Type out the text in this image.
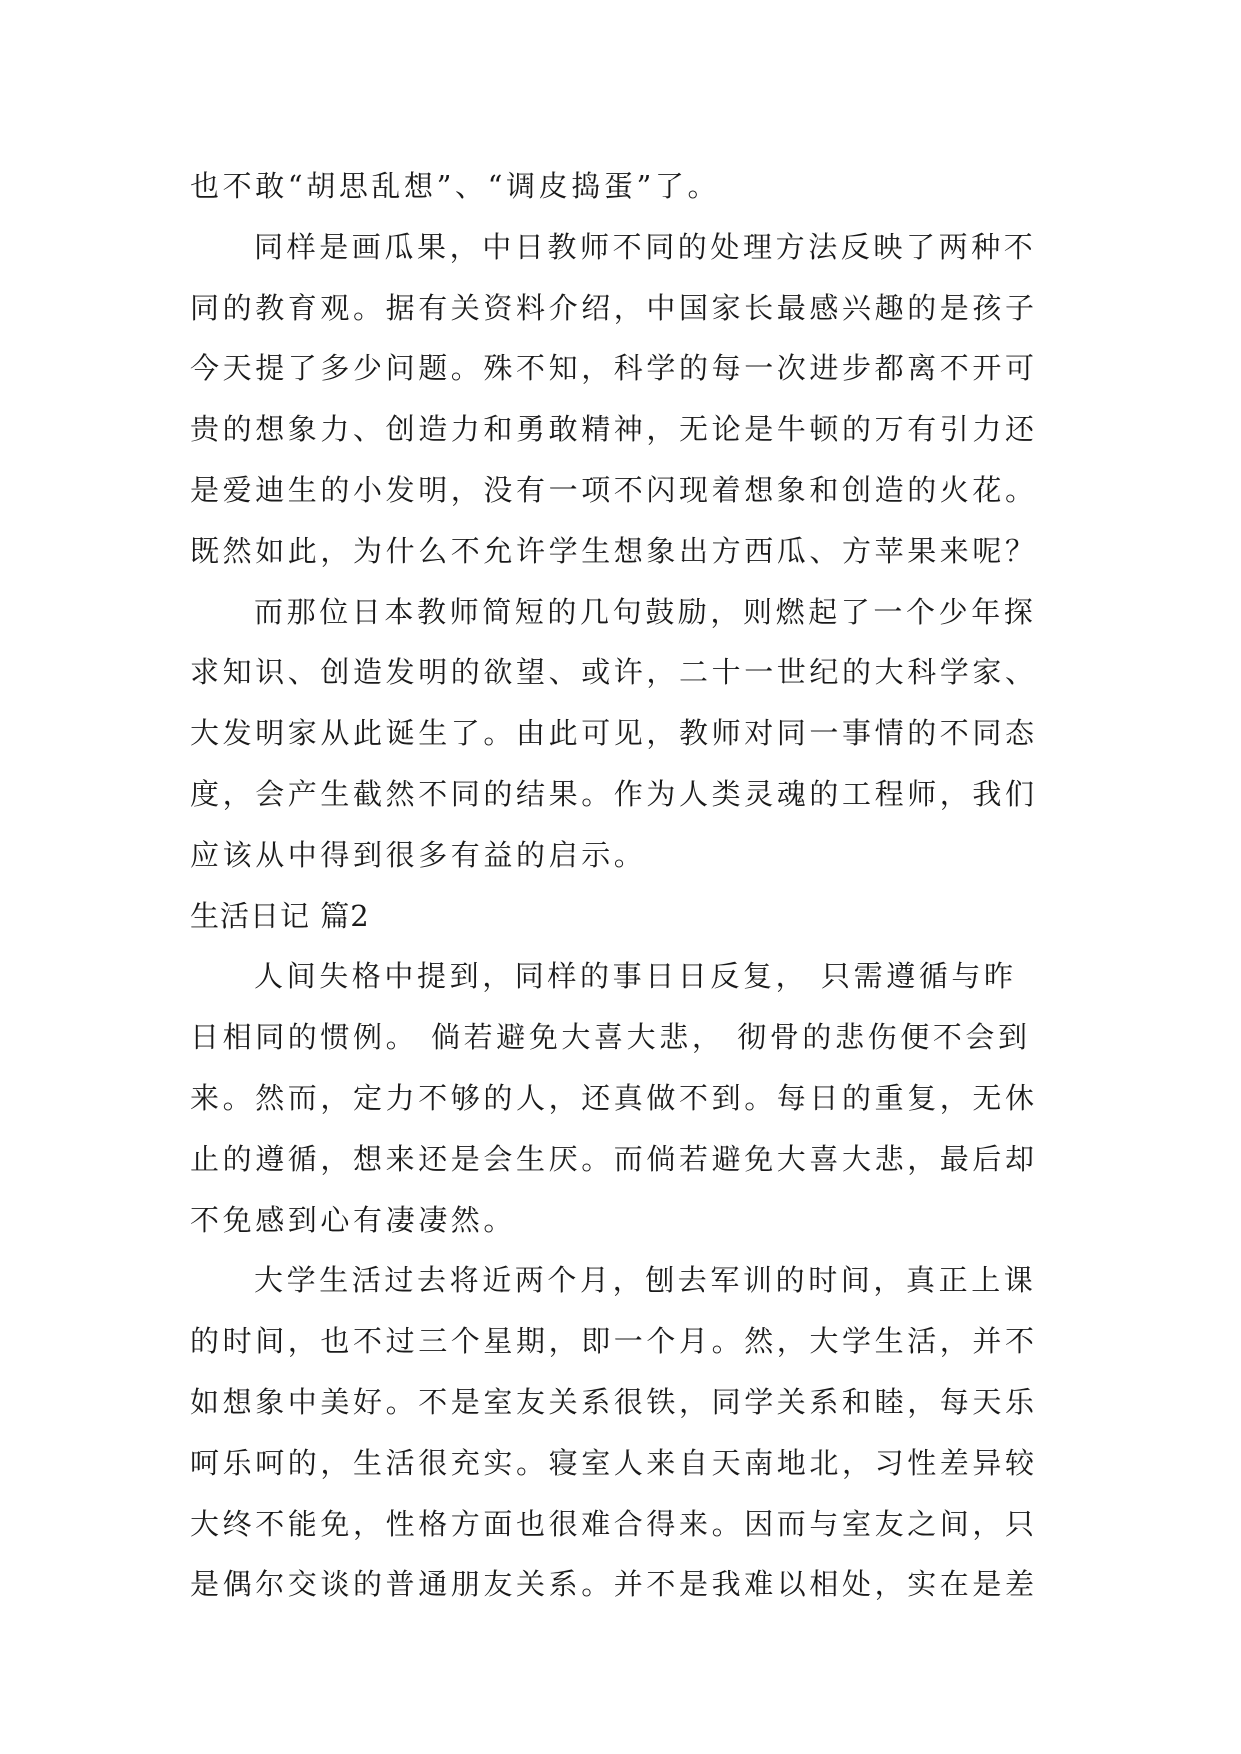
也不敢“胡思乱想”、“调皮捣蛋”了。
同样是画瓜果，中日教师不同的处理方法反映了两种不
同的教育观。据有关资料介绍，中国家长最感兴趣的是孩子
今天提了多少问题。殊不知，科学的每一次进步都离不开可
贵的想象力、创造力和勇敢精神，无论是牛顿的万有引力还
是爱迪生的小发明，没有一项不闪现着想象和创造的火花。
既然如此，为什么不允许学生想象出方西瓜、方苹果来呢？
而那位日本教师简短的几句鼓励，则燃起了一个少年探
求知识、创造发明的欲望、或许，二十一世纪的大科学家、
大发明家从此诞生了。由此可见，教师对同一事情的不同态
度，会产生截然不同的结果。作为人类灵魂的工程师，我们
应该从中得到很多有益的启示。
生活日记 篇2
人间失格中提到，同样的事日日反复， 只需遵循与昨
日相同的惯例。 倘若避免大喜大悲， 彻骨的悲伤便不会到
来。然而，定力不够的人，还真做不到。每日的重复，无休
止的遵循，想来还是会生厌。而倘若避免大喜大悲，最后却
不免感到心有凄凄然。
大学生活过去将近两个月，刨去军训的时间，真正上课
的时间，也不过三个星期，即一个月。然，大学生活，并不
如想象中美好。不是室友关系很铁，同学关系和睦，每天乐
呵乐呵的，生活很充实。寝室人来自天南地北，习性差异较
大终不能免，性格方面也很难合得来。因而与室友之间，只
是偶尔交谈的普通朋友关系。并不是我难以相处，实在是差
